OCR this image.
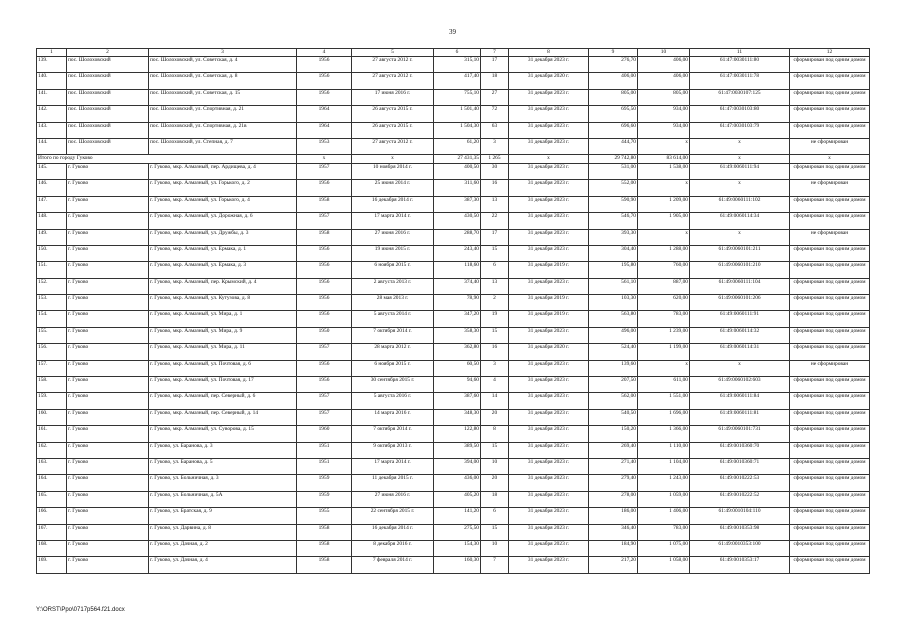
39
1	2	3	4	5	6	7	8	9	10	11	12
139.	пос. Шолоховский	пос. Шолоховский, ул. Советская, д. 4	1956	27 августа 2012 г.	315,10	17	31 декабря 2023 г.	276,70	406,00	61:47:0030111:80	сформирован под одним домом
140.	пос. Шолоховский	пос. Шолоховский, ул. Советская, д. 8	1956	27 августа 2012 г.	417,40	18	31 декабря 2020 г.	406,00	406,00	61:47:0030111:78	сформирован под одним домом
141.	пос. Шолоховский	пос. Шолоховский, ул. Советская, д. 15	1956	17 июня 2016 г.	755,10	27	31 декабря 2023 г.	805,00	805,00	61:47:0030107:125	сформирован под одним домом
142.	пос. Шолоховский	пос. Шолоховский, ул. Спортивная, д. 21	1964	26 августа 2015 г.	1 501,40	72	31 декабря 2023 г.	695,50	934,00	61:47:0030103:80	сформирован под одним домом
143.	пос. Шолоховский	пос. Шолоховский, ул. Спортивная, д. 21в	1964	26 августа 2015 г.	1 504,30	63	31 декабря 2023 г.	696,60	934,00	61:47:0030103:79	сформирован под одним домом
144.	пос. Шолоховский	пос. Шолоховский, ул. Степная, д. 7	1953	27 августа 2012 г.	61,20	3	31 декабря 2023 г.	444,70	х	х	не сформирован
Итого по городу Гуково			х	х	27 431,35	1 265	х	29 742,80	83 614,00	х	х
145.	г. Гуково	г. Гуково, мкр. Алмазный, пер. Ардищева, д. 4	1957	10 ноября 2014 г.	400,50	30	31 декабря 2023 г.	531,00	1 538,00	61:49:0060111:94	сформирован под одним домом
146.	г. Гуково	г. Гуково, мкр. Алмазный, ул. Горького, д. 2	1956	25 июня 2014 г.	311,60	16	31 декабря 2023 г.	552,00	х	х	не сформирован
147.	г. Гуково	г. Гуково, мкр. Алмазный, ул. Горького, д. 4	1958	16 декабря 2014 г.	387,30	13	31 декабря 2023 г.	590,90	1 209,00	61:49:0060111:102	сформирован под одним домом
148.	г. Гуково	г. Гуково, мкр. Алмазный, ул. Дорожная, д. 6	1957	17 марта 2014 г.	430,50	22	31 декабря 2023 г.	546,70	1 905,00	61:49:0060114:34	сформирован под одним домом
149.	г. Гуково	г. Гуково, мкр. Алмазный, ул. Дружбы, д. 3	1958	27 июня 2016 г.	288,70	17	31 декабря 2023 г.	393,30	х	х	не сформирован
150.	г. Гуково	г. Гуково, мкр. Алмазный, ул. Ермака, д. 1	1956	19 июня 2015 г.	243,40	15	31 декабря 2023 г.	304,40	1 288,00	61:49:0060101:211	сформирован под одним домом
151.	г. Гуково	г. Гуково, мкр. Алмазный, ул. Ермака, д. 3	1956	6 ноября 2015 г.	118,60	6	31 декабря 2019 г.	195,80	760,00	61:49:0060101:210	сформирован под одним домом
152.	г. Гуково	г. Гуково, мкр. Алмазный, пер. Крымский, д. 4	1956	2 августа 2013 г.	374,40	13	31 декабря 2023 г.	561,10	887,00	61:49:0060111:104	сформирован под одним домом
153.	г. Гуково	г. Гуково, мкр. Алмазный, ул. Кутузова, д. 8	1956	28 мая 2013 г.	78,90	2	31 декабря 2019 г.	103,30	620,00	61:49:0060101:206	сформирован под одним домом
154.	г. Гуково	г. Гуково, мкр. Алмазный, ул. Мира, д. 1	1956	5 августа 2014 г.	347,20	19	31 декабря 2019 г.	563,80	783,00	61:49:0060111:91	сформирован под одним домом
155.	г. Гуково	г. Гуково, мкр. Алмазный, ул. Мира, д. 9	1950	7 октября 2014 г.	358,30	15	31 декабря 2023 г.	496,00	1 239,00	61:49:0060114:32	сформирован под одним домом
156.	г. Гуково	г. Гуково, мкр. Алмазный, ул. Мира, д. 11	1957	28 марта 2012 г.	362,80	16	31 декабря 2020 г.	524,40	1 199,00	61:49:0060114:31	сформирован под одним домом
157.	г. Гуково	г. Гуково, мкр. Алмазный, ул. Почтовая, д. 6	1956	6 ноября 2015 г.	60,50	3	31 декабря 2023 г.	139,60	х	х	не сформирован
158.	г. Гуково	г. Гуково, мкр. Алмазный, ул. Почтовая, д. 17	1956	30 сентября 2015 г.	94,60	4	31 декабря 2023 г.	207,50	611,00	61:49:0060102:603	сформирован под одним домом
159.	г. Гуково	г. Гуково, мкр. Алмазный, пер. Северный, д. 6	1957	5 августа 2016 г.	387,60	14	31 декабря 2023 г.	562,00	1 551,00	61:49:0060111:84	сформирован под одним домом
160.	г. Гуково	г. Гуково, мкр. Алмазный, пер. Северный, д. 14	1957	14 марта 2016 г.	348,30	20	31 декабря 2023 г.	540,50	1 696,00	61:49:0060111:81	сформирован под одним домом
161.	г. Гуково	г. Гуково, мкр. Алмазный, ул. Суворова, д. 15	1960	7 октября 2014 г.	122,80	8	31 декабря 2023 г.	150,20	1 366,00	61:49:0060101:731	сформирован под одним домом
162.	г. Гуково	г. Гуково, ул. Баранова, д. 3	1951	9 октября 2013 г.	389,50	15	31 декабря 2023 г.	269,40	1 110,00	61:49:0010360:70	сформирован под одним домом
163.	г. Гуково	г. Гуково, ул. Баранова, д. 5	1951	17 марта 2014 г.	394,00	10	31 декабря 2023 г.	271,40	1 104,00	61:49:0010360:71	сформирован под одним домом
164.	г. Гуково	г. Гуково, ул. Больничная, д. 3	1959	11 декабря 2015 г.	436,00	20	31 декабря 2023 г.	279,40	1 243,00	61:49:0010222:53	сформирован под одним домом
165.	г. Гуково	г. Гуково, ул. Больничная, д. 5А	1959	27 июня 2016 г.	405,20	18	31 декабря 2023 г.	278,00	1 059,00	61:49:0010222:52	сформирован под одним домом
166.	г. Гуково	г. Гуково, ул. Братская, д. 9	1955	22 сентября 2015 г.	141,20	6	31 декабря 2023 г.	186,00	1 406,00	61:49:0010104:110	сформирован под одним домом
167.	г. Гуково	г. Гуково, ул. Дарвина, д. 8	1958	16 декабря 2014 г.	275,50	15	31 декабря 2023 г.	346,40	783,00	61:49:0010353:98	сформирован под одним домом
168.	г. Гуково	г. Гуково, ул. Дачная, д. 2	1958	8 декабря 2016 г.	154,30	10	31 декабря 2023 г.	184,90	1 075,00	61:49:0010353:100	сформирован под одним домом
169.	г. Гуково	г. Гуково, ул. Дачная, д. 4	1958	7 февраля 2014 г.	160,30	7	31 декабря 2023 г.	217,20	1 058,00	61:49:0010353:17	сформирован под одним домом
Y:\ORST\Ppo\0717p564.f21.docx
